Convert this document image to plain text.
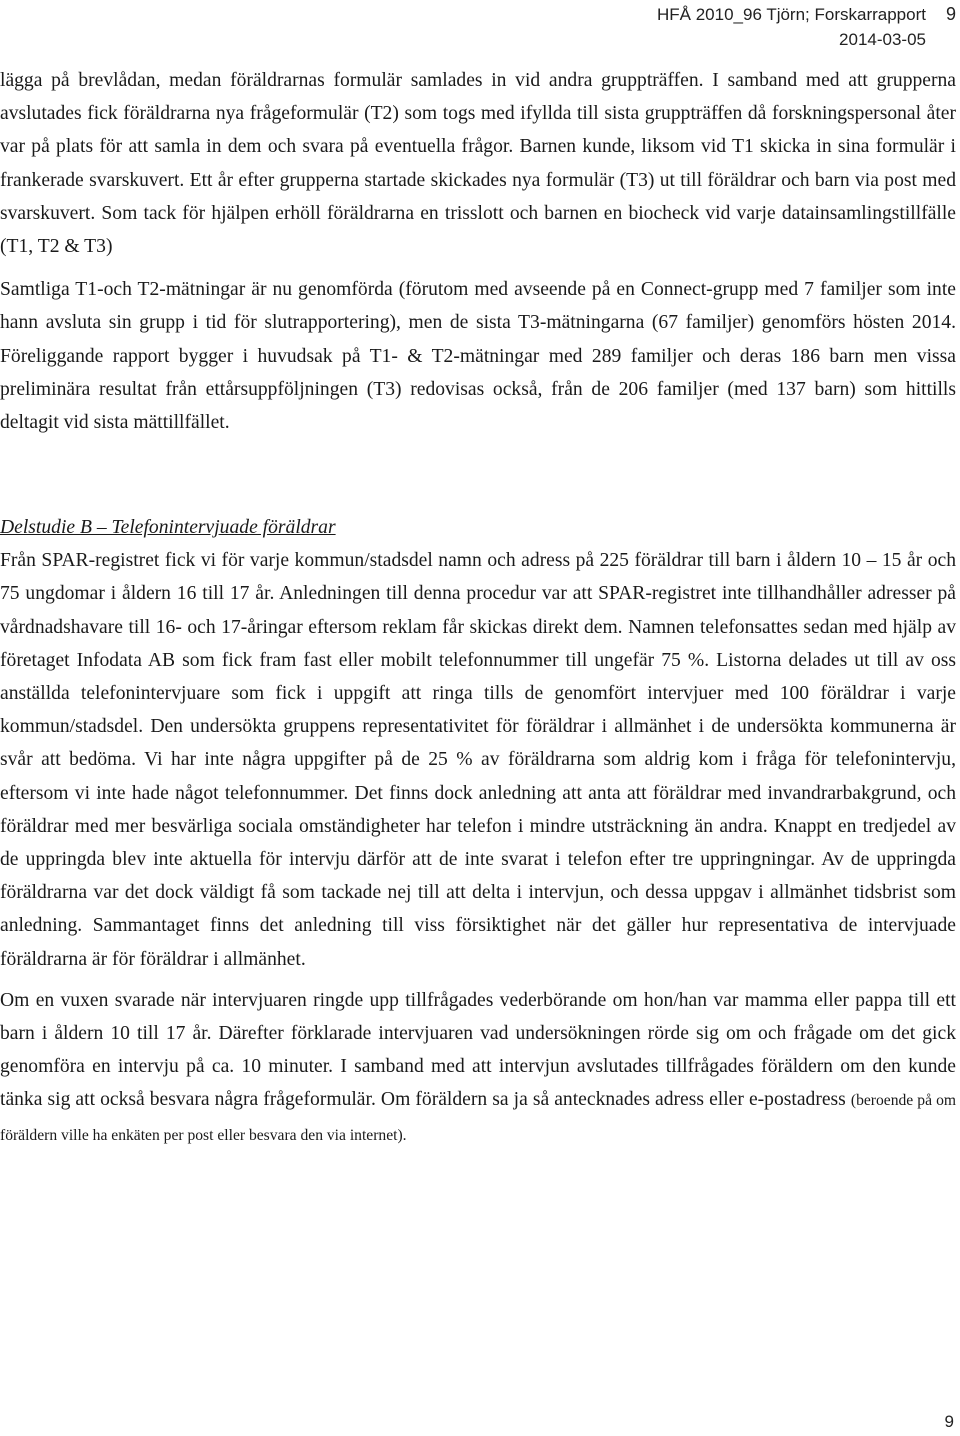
HFÅ 2010_96 Tjörn; Forskarrapport 9
2014-03-05

lägga på brevlådan, medan föräldrarnas formulär samlades in vid andra gruppträffen. I samband med att grupperna avslutades fick föräldrarna nya frågeformulär (T2) som togs med ifyllda till sista gruppträffen då forskningspersonal åter var på plats för att samla in dem och svara på eventuella frågor. Barnen kunde, liksom vid T1 skicka in sina formulär i frankerade svarskuvert. Ett år efter grupperna startade skickades nya formulär (T3) ut till föräldrar och barn via post med svarskuvert. Som tack för hjälpen erhöll föräldrarna en trisslott och barnen en biocheck vid varje datainsamlingstillfälle (T1, T2 & T3)

Samtliga T1-och T2-mätningar är nu genomförda (förutom med avseende på en Connect-grupp med 7 familjer som inte hann avsluta sin grupp i tid för slutrapportering), men de sista T3-mätningarna (67 familjer) genomförs hösten 2014. Föreliggande rapport bygger i huvudsak på T1- & T2-mätningar med 289 familjer och deras 186 barn men vissa preliminära resultat från ettårsuppföljningen (T3) redovisas också, från de 206 familjer (med 137 barn) som hittills deltagit vid sista mättillfället.

Delstudie B – Telefonintervjuade föräldrar

Från SPAR-registret fick vi för varje kommun/stadsdel namn och adress på 225 föräldrar till barn i åldern 10 – 15 år och 75 ungdomar i åldern 16 till 17 år. Anledningen till denna procedur var att SPAR-registret inte tillhandhåller adresser på vårdnadshavare till 16- och 17-åringar eftersom reklam får skickas direkt dem. Namnen telefonsattes sedan med hjälp av företaget Infodata AB som fick fram fast eller mobilt telefonnummer till ungefär 75 %. Listorna delades ut till av oss anställda telefonintervjuare som fick i uppgift att ringa tills de genomfört intervjuer med 100 föräldrar i varje kommun/stadsdel. Den undersökta gruppens representativitet för föräldrar i allmänhet i de undersökta kommunerna är svår att bedöma. Vi har inte några uppgifter på de 25 % av föräldrarna som aldrig kom i fråga för telefonintervju, eftersom vi inte hade något telefonnummer. Det finns dock anledning att anta att föräldrar med invandrarbakgrund, och föräldrar med mer besvärliga sociala omständigheter har telefon i mindre utsträckning än andra. Knappt en tredjedel av de uppringda blev inte aktuella för intervju därför att de inte svarat i telefon efter tre uppringningar. Av de uppringda föräldrarna var det dock väldigt få som tackade nej till att delta i intervjun, och dessa uppgav i allmänhet tidsbrist som anledning. Sammantaget finns det anledning till viss försiktighet när det gäller hur representativa de intervjuade föräldrarna är för föräldrar i allmänhet.

Om en vuxen svarade när intervjuaren ringde upp tillfrågades vederbörande om hon/han var mamma eller pappa till ett barn i åldern 10 till 17 år. Därefter förklarade intervjuaren vad undersökningen rörde sig om och frågade om det gick genomföra en intervju på ca. 10 minuter. I samband med att intervjun avslutades tillfrågades föräldern om den kunde tänka sig att också besvara några frågeformulär. Om föräldern sa ja så antecknades adress eller e-postadress (beroende på om föräldern ville ha enkäten per post eller besvara den via internet).

9
